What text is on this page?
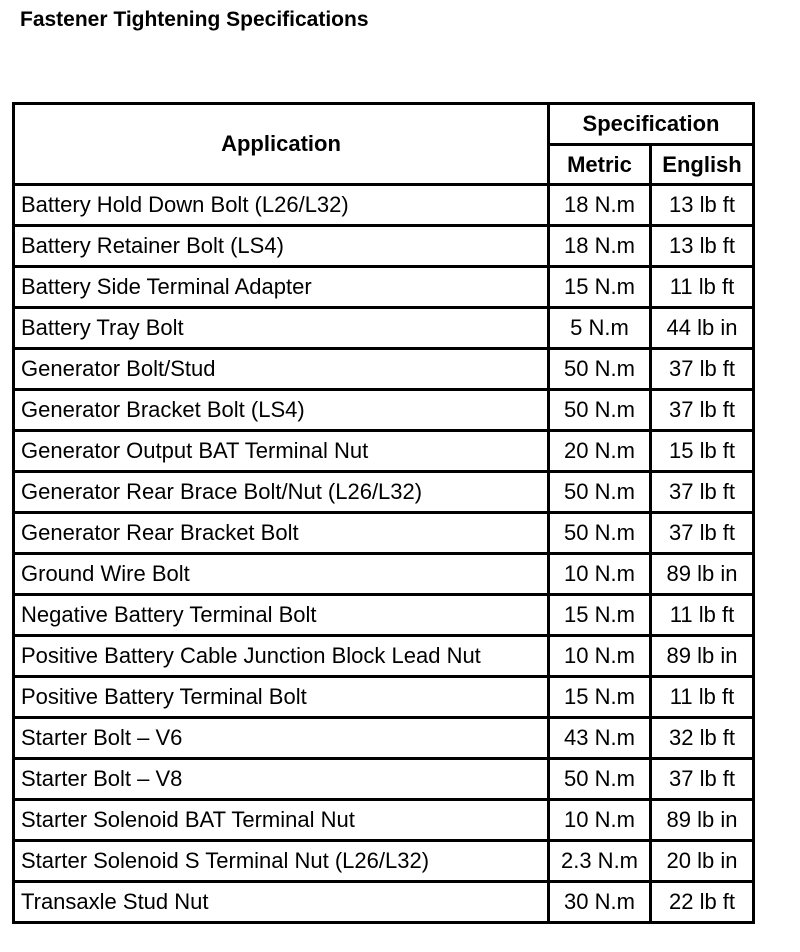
Fastener Tightening Specifications
Application	Specification	
	Metric	English
Battery Hold Down Bolt (L26/L32)	18 N.m	13 lb ft
Battery Retainer Bolt (LS4)	18 N.m	13 lb ft
Battery Side Terminal Adapter	15 N.m	11 lb ft
Battery Tray Bolt	5 N.m	44 lb in
Generator Bolt/Stud	50 N.m	37 lb ft
Generator Bracket Bolt (LS4)	50 N.m	37 lb ft
Generator Output BAT Terminal Nut	20 N.m	15 lb ft
Generator Rear Brace Bolt/Nut (L26/L32)	50 N.m	37 lb ft
Generator Rear Bracket Bolt	50 N.m	37 lb ft
Ground Wire Bolt	10 N.m	89 lb in
Negative Battery Terminal Bolt	15 N.m	11 lb ft
Positive Battery Cable Junction Block Lead Nut	10 N.m	89 lb in
Positive Battery Terminal Bolt	15 N.m	11 lb ft
Starter Bolt – V6	43 N.m	32 lb ft
Starter Bolt – V8	50 N.m	37 lb ft
Starter Solenoid BAT Terminal Nut	10 N.m	89 lb in
Starter Solenoid S Terminal Nut (L26/L32)	2.3 N.m	20 lb in
Transaxle Stud Nut	30 N.m	22 lb ft
